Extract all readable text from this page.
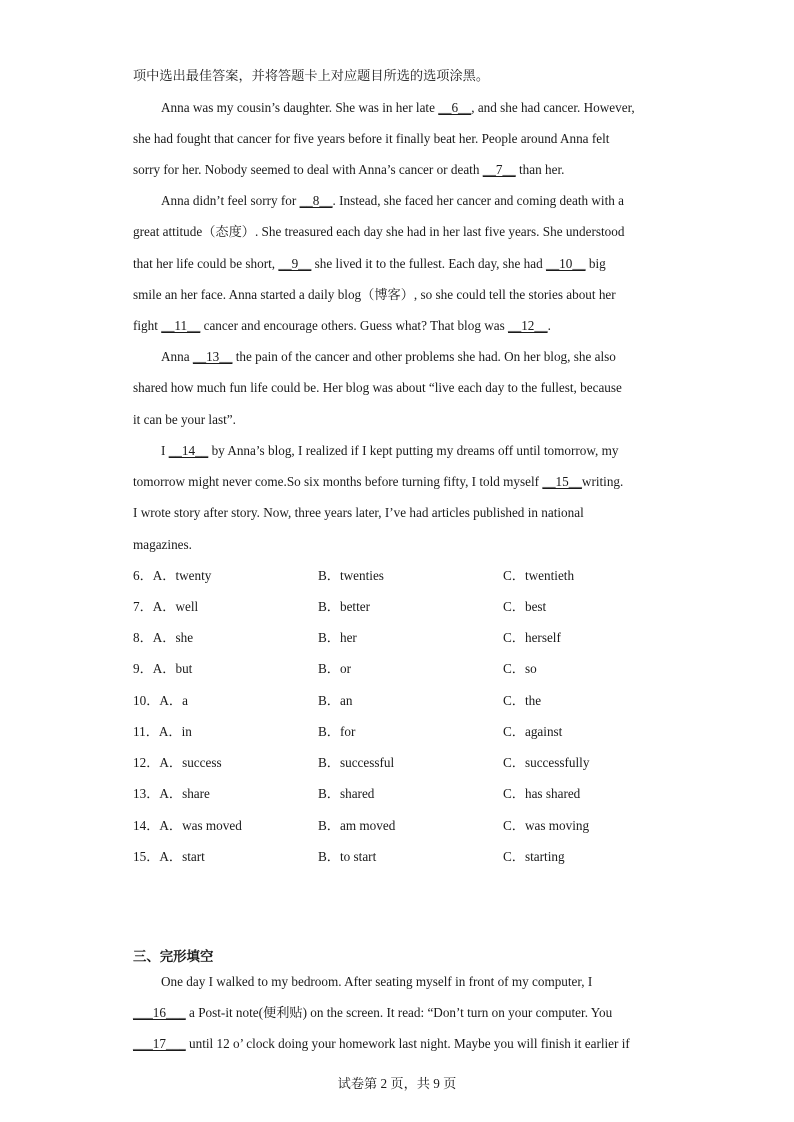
项中选出最佳答案，并将答题卡上对应题目所选的选项涂黑。
Anna was my cousin’s daughter. She was in her late __6__, and she had cancer. However,
she had fought that cancer for five years before it finally beat her. People around Anna felt
sorry for her. Nobody seemed to deal with Anna’s cancer or death __7__ than her.
Anna didn’t feel sorry for __8__. Instead, she faced her cancer and coming death with a
great attitude（态度）. She treasured each day she had in her last five years. She understood
that her life could be short, __9__ she lived it to the fullest. Each day, she had __10__ big
smile an her face. Anna started a daily blog（博客）, so she could tell the stories about her
fight __11__ cancer and encourage others. Guess what? That blog was __12__.
Anna __13__ the pain of the cancer and other problems she had. On her blog, she also
shared how much fun life could be. Her blog was about “live each day to the fullest, because
it can be your last”.
I __14__ by Anna’s blog, I realized if I kept putting my dreams off until tomorrow, my
tomorrow might never come.So six months before turning fifty, I told myself __15__writing.
I wrote story after story. Now, three years later, I’ve had articles published in national
magazines.
6．A．twenty	B．twenties	C．twentieth
7．A．well	B．better	C．best
8．A．she	B．her	C．herself
9．A．but	B．or	C．so
10．A．a	B．an	C．the
11．A．in	B．for	C．against
12．A．success	B．successful	C．successfully
13．A．share	B．shared	C．has shared
14．A．was moved	B．am moved	C．was moving
15．A．start	B．to start	C．starting
三、完形填空
One day I walked to my bedroom. After seating myself in front of my computer, I
___16___ a Post-it note(便利贴) on the screen. It read: “Don’t turn on your computer. You
___17___ until 12 o’ clock doing your homework last night. Maybe you will finish it earlier if
试卷第 2 页，共 9 页
